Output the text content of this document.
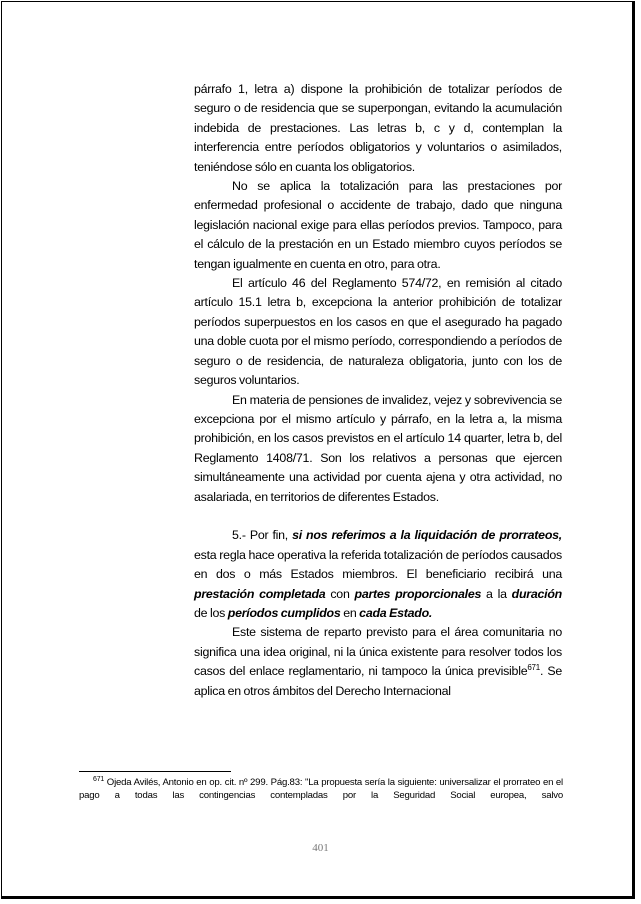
párrafo 1, letra a) dispone la prohibición de totalizar períodos de seguro o de residencia que se superpongan, evitando la acumulación indebida de prestaciones. Las letras b, c y d, contemplan la interferencia entre períodos obligatorios y voluntarios o asimilados, teniéndose sólo en cuanta los obligatorios.

No se aplica la totalización para las prestaciones por enfermedad profesional o accidente de trabajo, dado que ninguna legislación nacional exige para ellas períodos previos. Tampoco, para el cálculo de la prestación en un Estado miembro cuyos períodos se tengan igualmente en cuenta en otro, para otra.

El artículo 46 del Reglamento 574/72, en remisión al citado artículo 15.1 letra b, excepciona la anterior prohibición de totalizar períodos superpuestos en los casos en que el asegurado ha pagado una doble cuota por el mismo período, correspondiendo a períodos de seguro o de residencia, de naturaleza obligatoria, junto con los de seguros voluntarios.

En materia de pensiones de invalidez, vejez y sobrevivencia se excepciona por el mismo artículo y párrafo, en la letra a, la misma prohibición, en los casos previstos en el artículo 14 quarter, letra b, del Reglamento 1408/71. Son los relativos a personas que ejercen simultáneamente una actividad por cuenta ajena y otra actividad, no asalariada, en territorios de diferentes Estados.

5.- Por fin, si nos referimos a la liquidación de prorrateos, esta regla hace operativa la referida totalización de períodos causados en dos o más Estados miembros. El beneficiario recibirá una prestación completada con partes proporcionales a la duración de los períodos cumplidos en cada Estado.

Este sistema de reparto previsto para el área comunitaria no significa una idea original, ni la única existente para resolver todos los casos del enlace reglamentario, ni tampoco la única previsible$^{671}$. Se aplica en otros ámbitos del Derecho Internacional

$^{671}$ Ojeda Avilés, Antonio en op. cit. nº 299. Pág.83: "La propuesta sería la siguiente: universalizar el prorrateo en el pago a todas las contingencias contempladas por la Seguridad Social europea, salvo
401
